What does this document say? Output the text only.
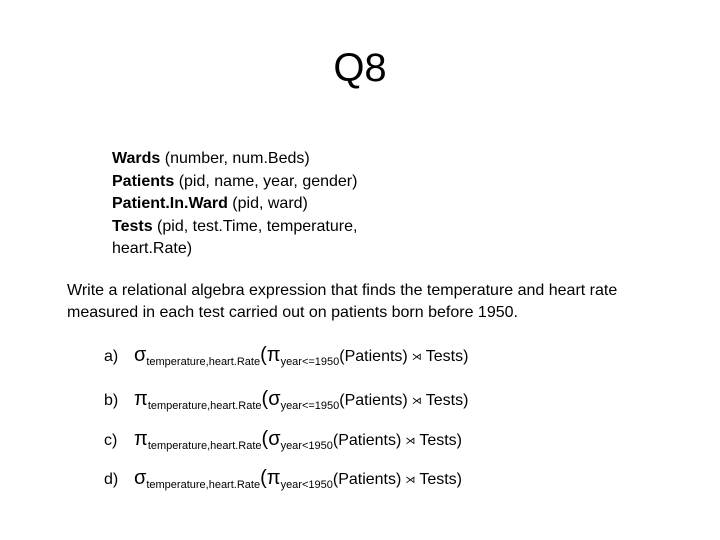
Q8
Wards (number, num.Beds)
Patients (pid, name, year, gender)
Patient.In.Ward (pid, ward)
Tests (pid, test.Time, temperature, heart.Rate)
Write a relational algebra expression that finds the temperature and heart rate measured in each test carried out on patients born before 1950.
a) $\sigma_{temperature,heart.Rate}(\pi_{year<=1950}(Patients)$ ⋊ Tests)
b) $\pi_{temperature,heart.Rate}(\sigma_{year<=1950}(Patients)$ ⋊ Tests)
c) $\pi_{temperature,heart.Rate}(\sigma_{year<1950}(Patients)$ ⋊ Tests)
d) $\sigma_{temperature,heart.Rate}(\pi_{year<1950}(Patients)$ ⋊ Tests)
